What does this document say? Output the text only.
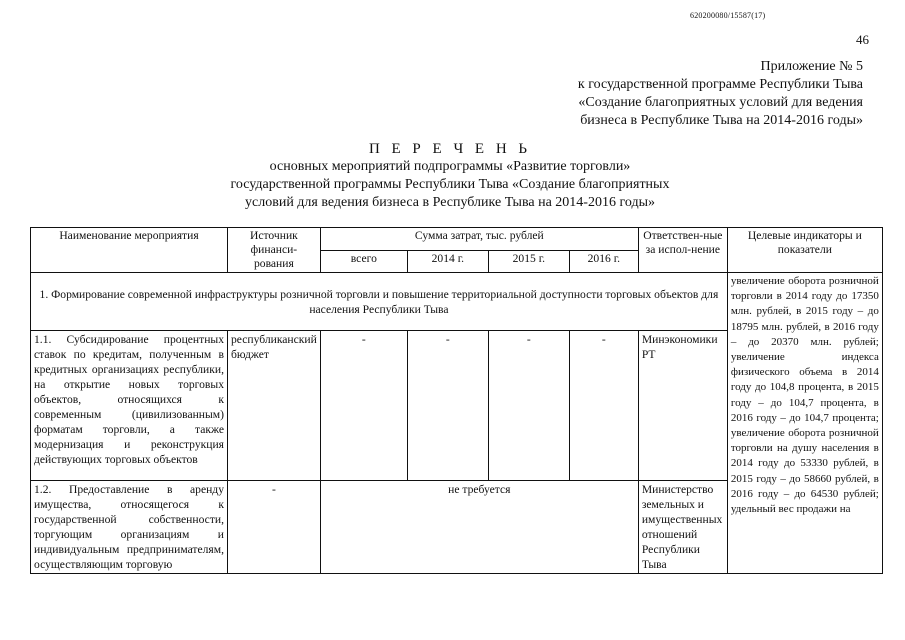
620200080/15587(17)
46
Приложение № 5
к государственной программе Республики Тыва
«Создание благоприятных условий для ведения
бизнеса в Республике Тыва на 2014-2016 годы»
П Е Р Е Ч Е Н Ь
основных мероприятий подпрограммы «Развитие торговли»
государственной программы Республики Тыва «Создание благоприятных
условий для ведения бизнеса в Республике Тыва на 2014-2016 годы»
Наименование мероприятия	Источник финанси-рования	Сумма затрат, тыс. рублей				Ответствен-ные за испол-нение	Целевые индикаторы и показатели
		всего	2014 г.	2015 г.	2016 г.		
1. Формирование современной инфраструктуры розничной торговли и повышение территориальной доступности торговых объектов для населения Республики Тыва							увеличение оборота розничной торговли в 2014 году до 17350 млн. рублей, в 2015 году – до 18795 млн. рублей, в 2016 году – до 20370 млн. рублей; увеличение индекса физического объема в 2014 году до 104,8 процента, в 2015 году – до 104,7 процента, в 2016 году – до 104,7 процента; увеличение оборота розничной торговли на душу населения в 2014 году до 53330 рублей, в 2015 году – до 58660 рублей, в 2016 году – до 64530 рублей; удельный вес продажи на
1.1. Субсидирование процентных ставок по кредитам, полученным в кредитных организациях республики, на открытие новых торговых объектов, относящихся к современным (цивилизованным) форматам торговли, а также модернизация и реконструкция действующих торговых объектов	республиканский бюджет	-	-	-	-	Минэкономики РТ	
1.2. Предоставление в аренду имущества, относящегося к государственной собственности, торгующим организациям и индивидуальным предпринимателям, осуществляющим торговую	-	не требуется				Министерство земельных и имущественных отношений Республики Тыва	
